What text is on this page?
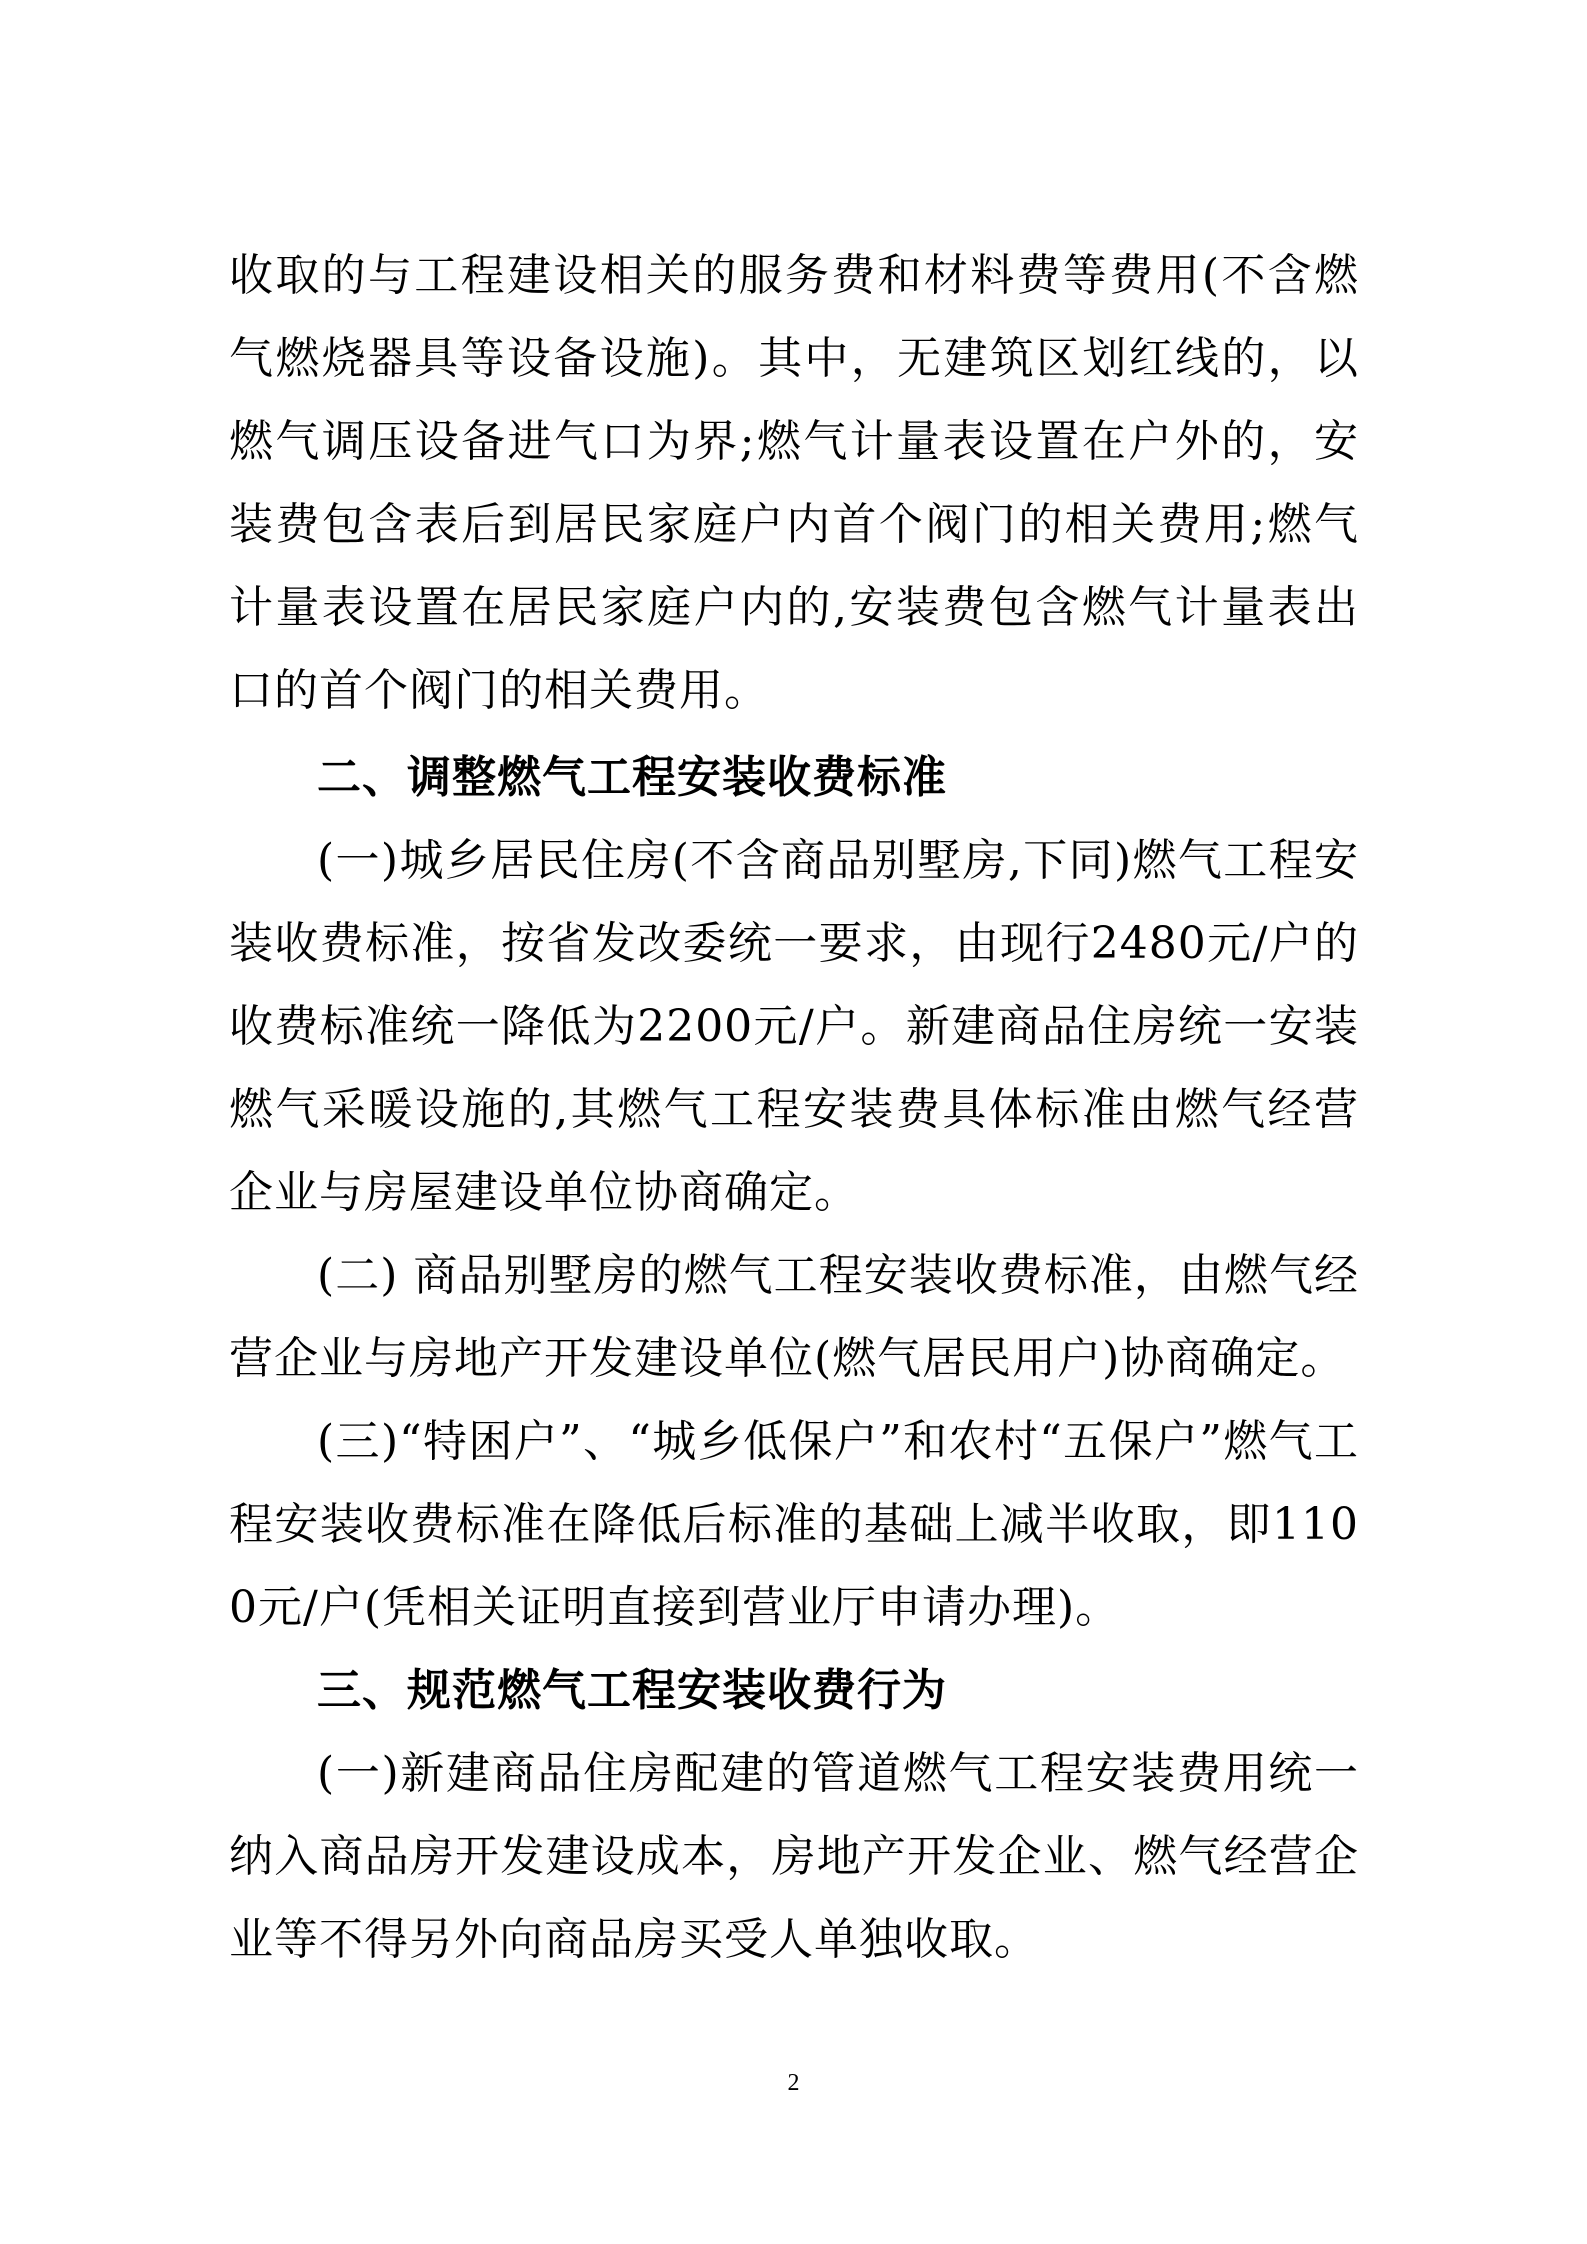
收取的与工程建设相关的服务费和材料费等费用(不含燃气燃烧器具等设备设施)。其中，无建筑区划红线的，以燃气调压设备进气口为界;燃气计量表设置在户外的，安装费包含表后到居民家庭户内首个阀门的相关费用;燃气计量表设置在居民家庭户内的,安装费包含燃气计量表出口的首个阀门的相关费用。

二、调整燃气工程安装收费标准

(一)城乡居民住房(不含商品别墅房,下同)燃气工程安装收费标准，按省发改委统一要求，由现行2480元/户的收费标准统一降低为2200元/户。新建商品住房统一安装燃气采暖设施的,其燃气工程安装费具体标准由燃气经营企业与房屋建设单位协商确定。

(二) 商品别墅房的燃气工程安装收费标准，由燃气经营企业与房地产开发建设单位(燃气居民用户)协商确定。

(三)“特困户”、“城乡低保户”和农村“五保户”燃气工程安装收费标准在降低后标准的基础上减半收取，即1100元/户(凭相关证明直接到营业厅申请办理)。

三、规范燃气工程安装收费行为

(一)新建商品住房配建的管道燃气工程安装费用统一纳入商品房开发建设成本，房地产开发企业、燃气经营企业等不得另外向商品房买受人单独收取。

2
